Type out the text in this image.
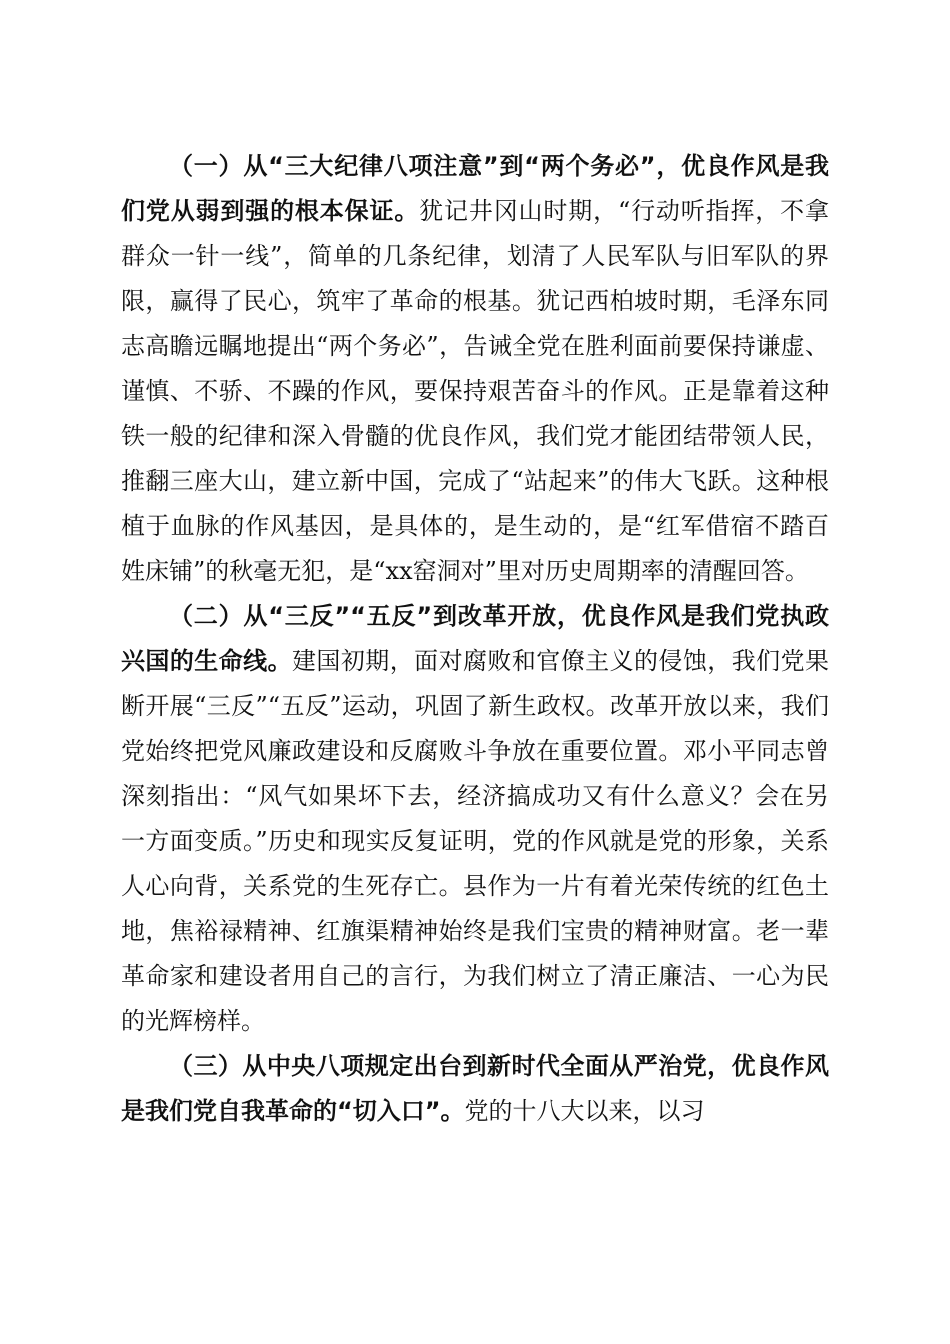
（一）从“三大纪律八项注意”到“两个务必”，优良作风是我们党从弱到强的根本保证。犹记井冈山时期，“行动听指挥，不拿群众一针一线”，简单的几条纪律，划清了人民军队与旧军队的界限，赢得了民心，筑牢了革命的根基。犹记西柏坡时期，毛泽东同志高瞻远瞩地提出“两个务必”，告诫全党在胜利面前要保持谦虚、谨慎、不骄、不躁的作风，要保持艰苦奋斗的作风。正是靠着这种铁一般的纪律和深入骨髓的优良作风，我们党才能团结带领人民，推翻三座大山，建立新中国，完成了“站起来”的伟大飞跃。这种根植于血脉的作风基因，是具体的，是生动的，是“红军借宿不踏百姓床铺”的秋毫无犯，是“xx窑洞对”里对历史周期率的清醒回答。

（二）从“三反”“五反”到改革开放，优良作风是我们党执政兴国的生命线。建国初期，面对腐败和官僚主义的侵蚀，我们党果断开展“三反”“五反”运动，巩固了新生政权。改革开放以来，我们党始终把党风廉政建设和反腐败斗争放在重要位置。邓小平同志曾深刻指出：“风气如果坏下去，经济搞成功又有什么意义？会在另一方面变质。”历史和现实反复证明，党的作风就是党的形象，关系人心向背，关系党的生死存亡。县作为一片有着光荣传统的红色土地，焦裕禄精神、红旗渠精神始终是我们宝贵的精神财富。老一辈革命家和建设者用自己的言行，为我们树立了清正廉洁、一心为民的光辉榜样。

（三）从中央八项规定出台到新时代全面从严治党，优良作风是我们党自我革命的“切入口”。党的十八大以来，以习
